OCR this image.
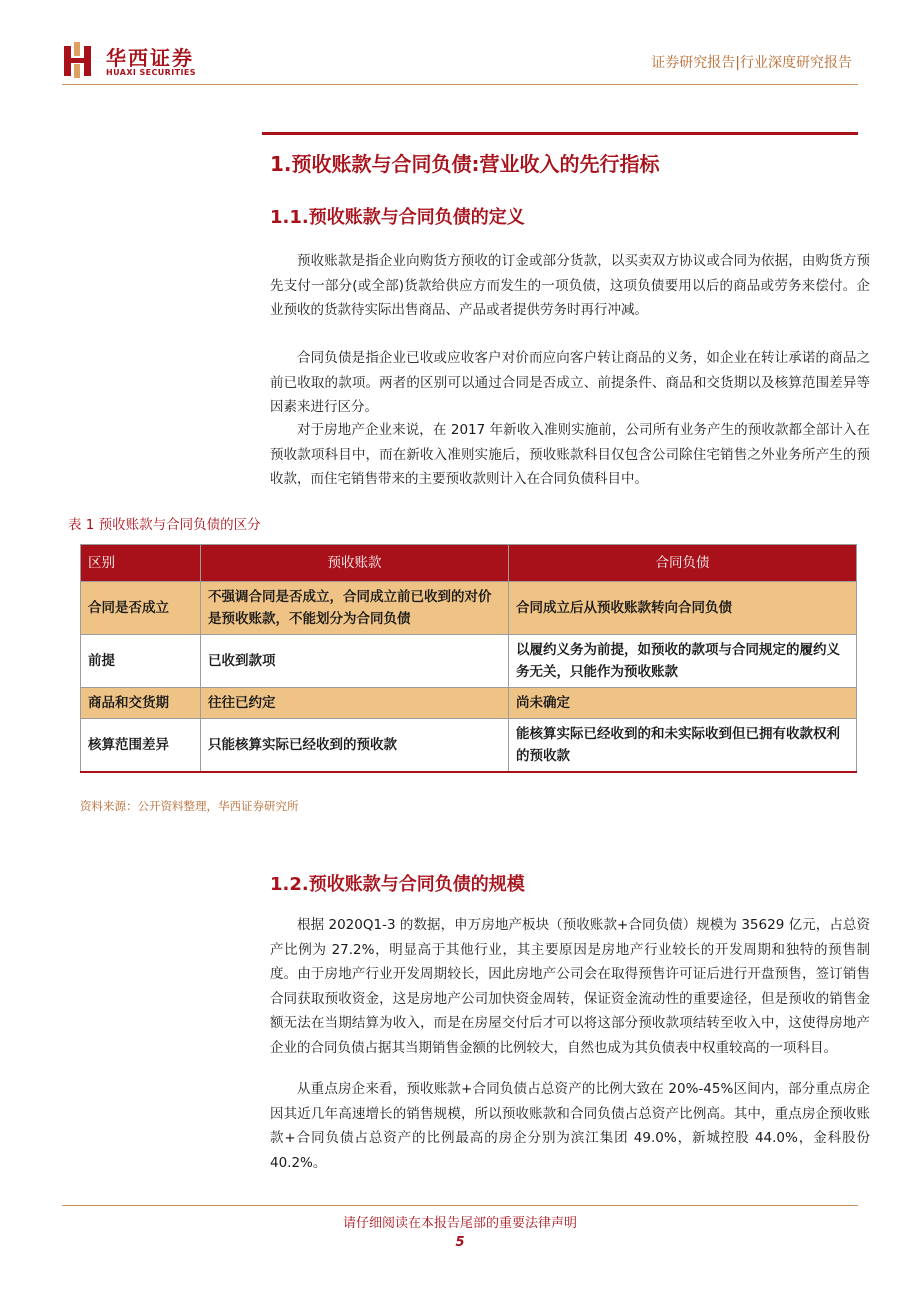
华西证券
HUAXI SECURITIES
证券研究报告|行业深度研究报告
1.预收账款与合同负债:营业收入的先行指标
1.1.预收账款与合同负债的定义

预收账款是指企业向购货方预收的订金或部分货款，以买卖双方协议或合同为依据，由购货方预先支付一部分(或全部)货款给供应方而发生的一项负债，这项负债要用以后的商品或劳务来偿付。企业预收的货款待实际出售商品、产品或者提供劳务时再行冲减。

合同负债是指企业已收或应收客户对价而应向客户转让商品的义务，如企业在转让承诺的商品之前已收取的款项。两者的区别可以通过合同是否成立、前提条件、商品和交货期以及核算范围差异等因素来进行区分。

对于房地产企业来说，在 2017 年新收入准则实施前，公司所有业务产生的预收款都全部计入在预收款项科目中，而在新收入准则实施后，预收账款科目仅包含公司除住宅销售之外业务所产生的预收款，而住宅销售带来的主要预收款则计入在合同负债科目中。

表 1 预收账款与合同负债的区分
区别	预收账款	合同负债
合同是否成立	不强调合同是否成立，合同成立前已收到的对价是预收账款，不能划分为合同负债	合同成立后从预收账款转向合同负债
前提	已收到款项	以履约义务为前提，如预收的款项与合同规定的履约义务无关，只能作为预收账款
商品和交货期	往往已约定	尚未确定
核算范围差异	只能核算实际已经收到的预收款	能核算实际已经收到的和未实际收到但已拥有收款权利的预收款
资料来源：公开资料整理，华西证券研究所
1.2.预收账款与合同负债的规模

根据 2020Q1-3 的数据，申万房地产板块（预收账款+合同负债）规模为 35629 亿元，占总资产比例为 27.2%，明显高于其他行业，其主要原因是房地产行业较长的开发周期和独特的预售制度。由于房地产行业开发周期较长，因此房地产公司会在取得预售许可证后进行开盘预售，签订销售合同获取预收资金，这是房地产公司加快资金周转，保证资金流动性的重要途径，但是预收的销售金额无法在当期结算为收入，而是在房屋交付后才可以将这部分预收款项结转至收入中，这使得房地产企业的合同负债占据其当期销售金额的比例较大，自然也成为其负债表中权重较高的一项科目。

从重点房企来看，预收账款+合同负债占总资产的比例大致在 20%-45%区间内，部分重点房企因其近几年高速增长的销售规模，所以预收账款和合同负债占总资产比例高。其中，重点房企预收账款+合同负债占总资产的比例最高的房企分别为滨江集团 49.0%，新城控股 44.0%，金科股份 40.2%。

请仔细阅读在本报告尾部的重要法律声明
5
